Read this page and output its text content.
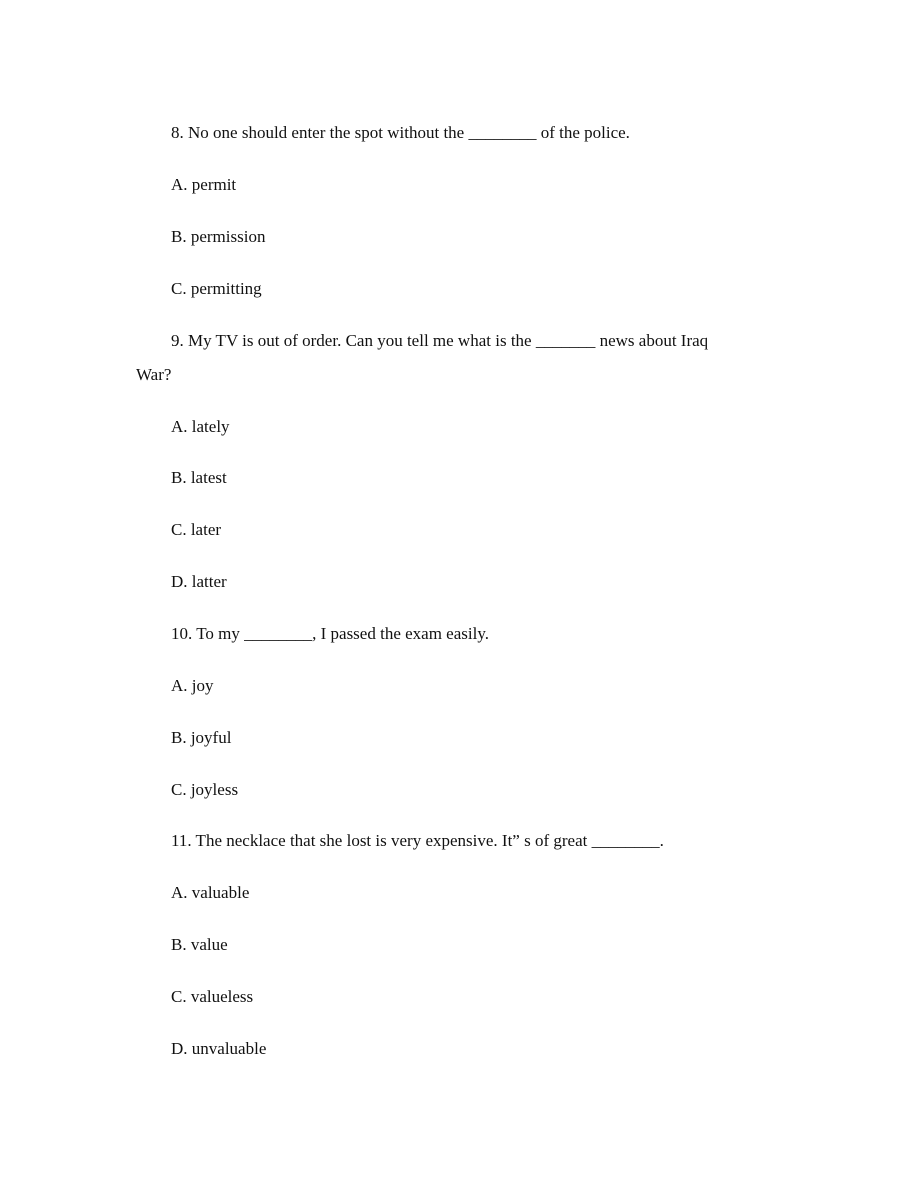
8. No one should enter the spot without the ________ of the police.
A. permit
B. permission
C. permitting
9. My TV is out of order. Can you tell me what is the _______ news about Iraq
War?
A. lately
B. latest
C. later
D. latter
10. To my ________, I passed the exam easily.
A. joy
B. joyful
C. joyless
11. The necklace that she lost is very expensive. It” s of great ________.
A. valuable
B. value
C. valueless
D. unvaluable
